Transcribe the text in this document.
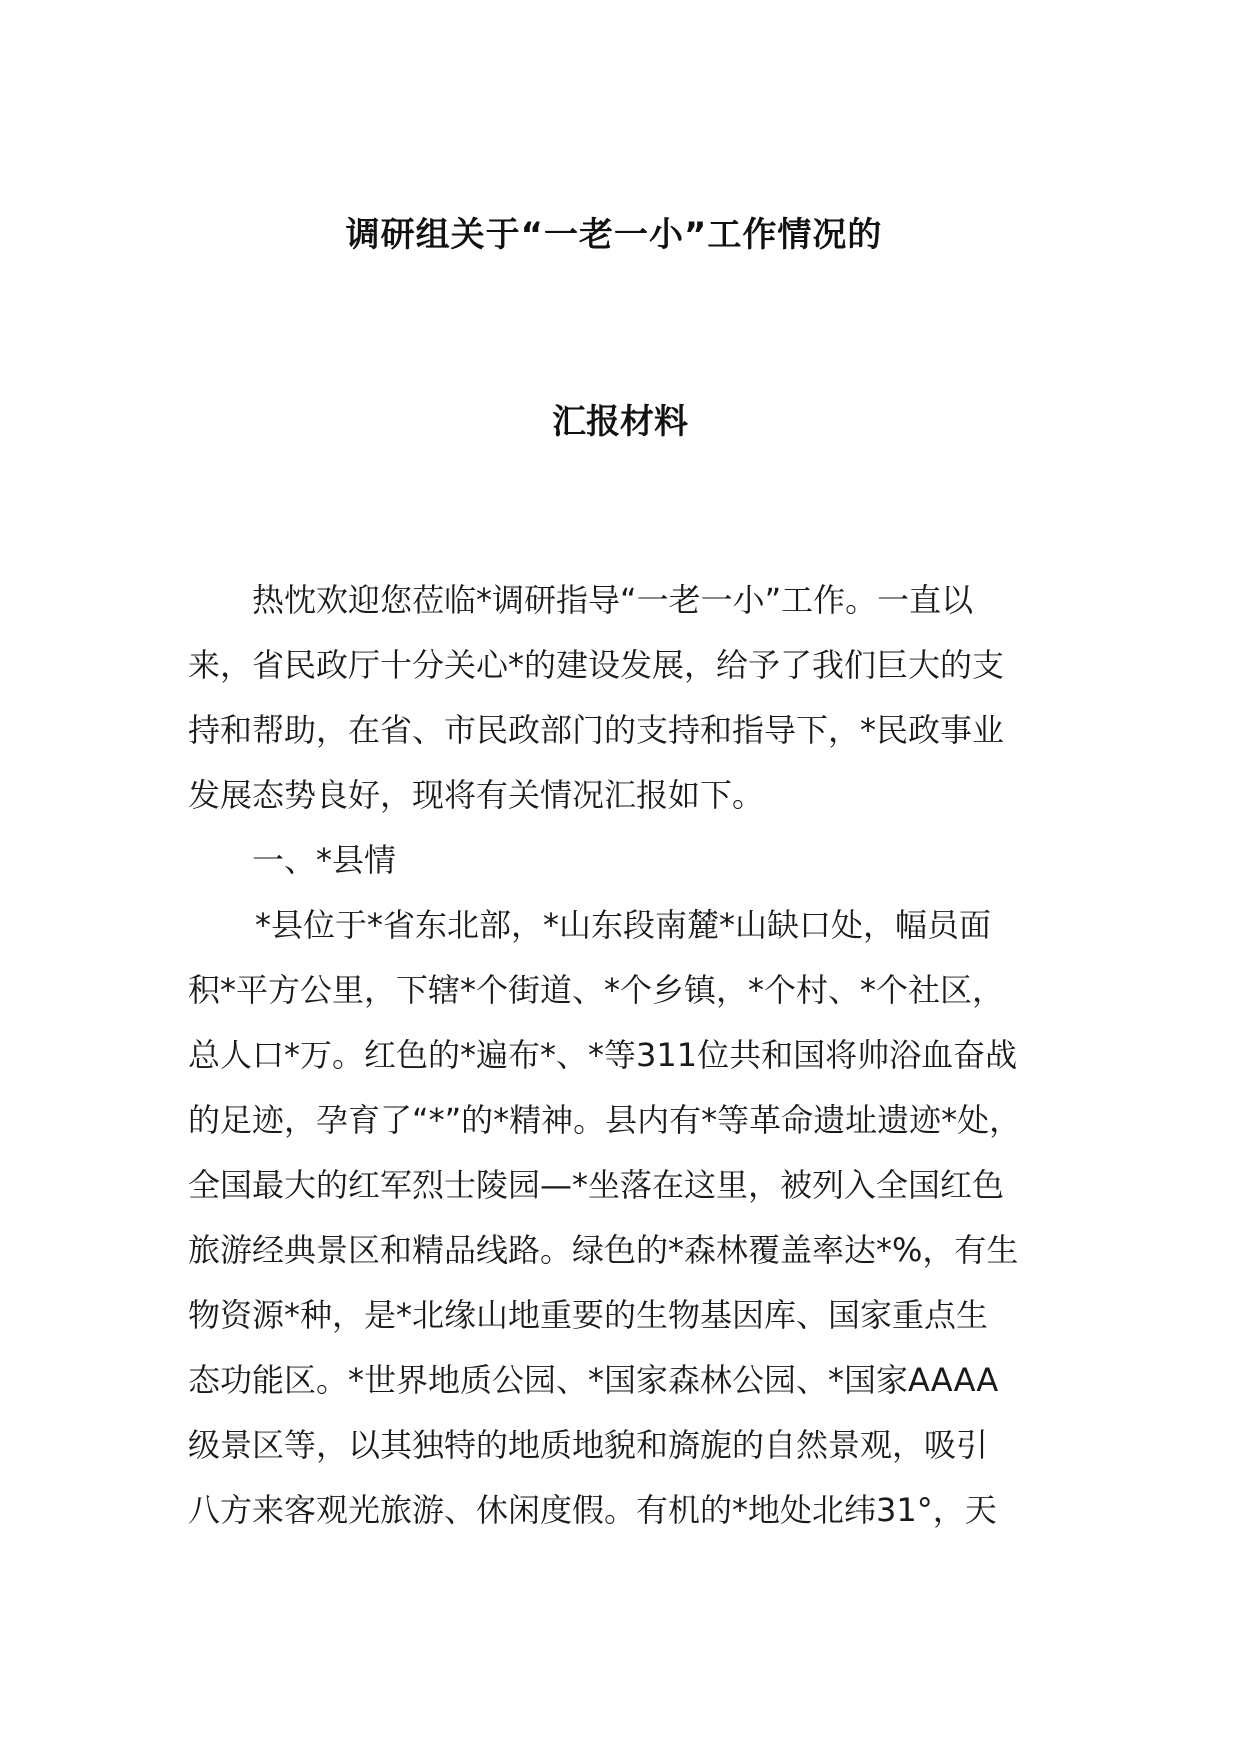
调研组关于“一老一小”工作情况的
汇报材料
热忱欢迎您莅临*调研指导“一老一小”工作。一直以
来，省民政厅十分关心*的建设发展，给予了我们巨大的支
持和帮助，在省、市民政部门的支持和指导下，*民政事业
发展态势良好，现将有关情况汇报如下。
一、*县情
*县位于*省东北部，*山东段南麓*山缺口处，幅员面
积*平方公里，下辖*个街道、*个乡镇，*个村、*个社区，
总人口*万。红色的*遍布*、*等311位共和国将帅浴血奋战
的足迹，孕育了“*”的*精神。县内有*等革命遗址遗迹*处，
全国最大的红军烈士陵园—*坐落在这里，被列入全国红色
旅游经典景区和精品线路。绿色的*森林覆盖率达*%，有生
物资源*种，是*北缘山地重要的生物基因库、国家重点生
态功能区。*世界地质公园、*国家森林公园、*国家AAAA
级景区等，以其独特的地质地貌和旖旎的自然景观，吸引
八方来客观光旅游、休闲度假。有机的*地处北纬31°，天
